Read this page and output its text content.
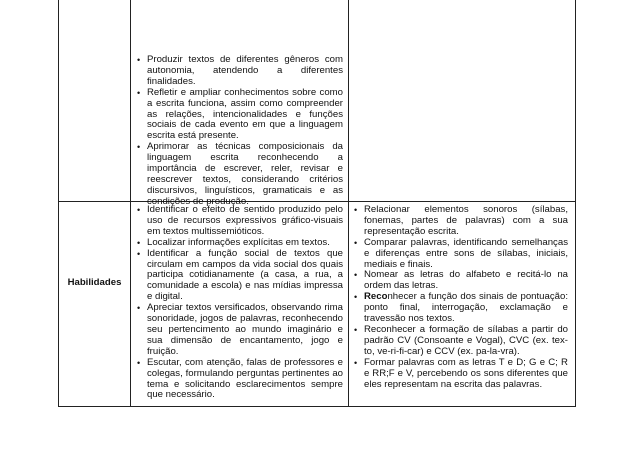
• Produzir textos de diferentes gêneros com autonomia, atendendo a diferentes finalidades.
• Refletir e ampliar conhecimentos sobre como a escrita funciona, assim como compreender as relações, intencionalidades e funções sociais de cada evento em que a linguagem escrita está presente.
• Aprimorar as técnicas composicionais da linguagem escrita reconhecendo a importância de escrever, reler, revisar e reescrever textos, considerando critérios discursivos, linguísticos, gramaticais e as condições de produção.
Habilidades
• Identificar o efeito de sentido produzido pelo uso de recursos expressivos gráfico-visuais em textos multissemióticos.
• Localizar informações explícitas em textos.
• Identificar a função social de textos que circulam em campos da vida social dos quais participa cotidianamente (a casa, a rua, a comunidade a escola) e nas mídias impressa e digital.
• Apreciar textos versificados, observando rima sonoridade, jogos de palavras, reconhecendo seu pertencimento ao mundo imaginário e sua dimensão de encantamento, jogo e fruição.
• Escutar, com atenção, falas de professores e colegas, formulando perguntas pertinentes ao tema e solicitando esclarecimentos sempre que necessário.
• Relacionar elementos sonoros (sílabas, fonemas, partes de palavras) com a sua representação escrita.
• Comparar palavras, identificando semelhanças e diferenças entre sons de sílabas, iniciais, mediais e finais.
• Nomear as letras do alfabeto e recitá-lo na ordem das letras.
• Reconhecer a função dos sinais de pontuação: ponto final, interrogação, exclamação e travessão nos textos.
• Reconhecer a formação de sílabas a partir do padrão CV (Consoante e Vogal), CVC (ex. tex-to, ve-ri-fi-car) e CCV (ex. pa-la-vra).
• Formar palavras com as letras T e D; G e C; R e RR;F e V, percebendo os sons diferentes que eles representam na escrita das palavras.
